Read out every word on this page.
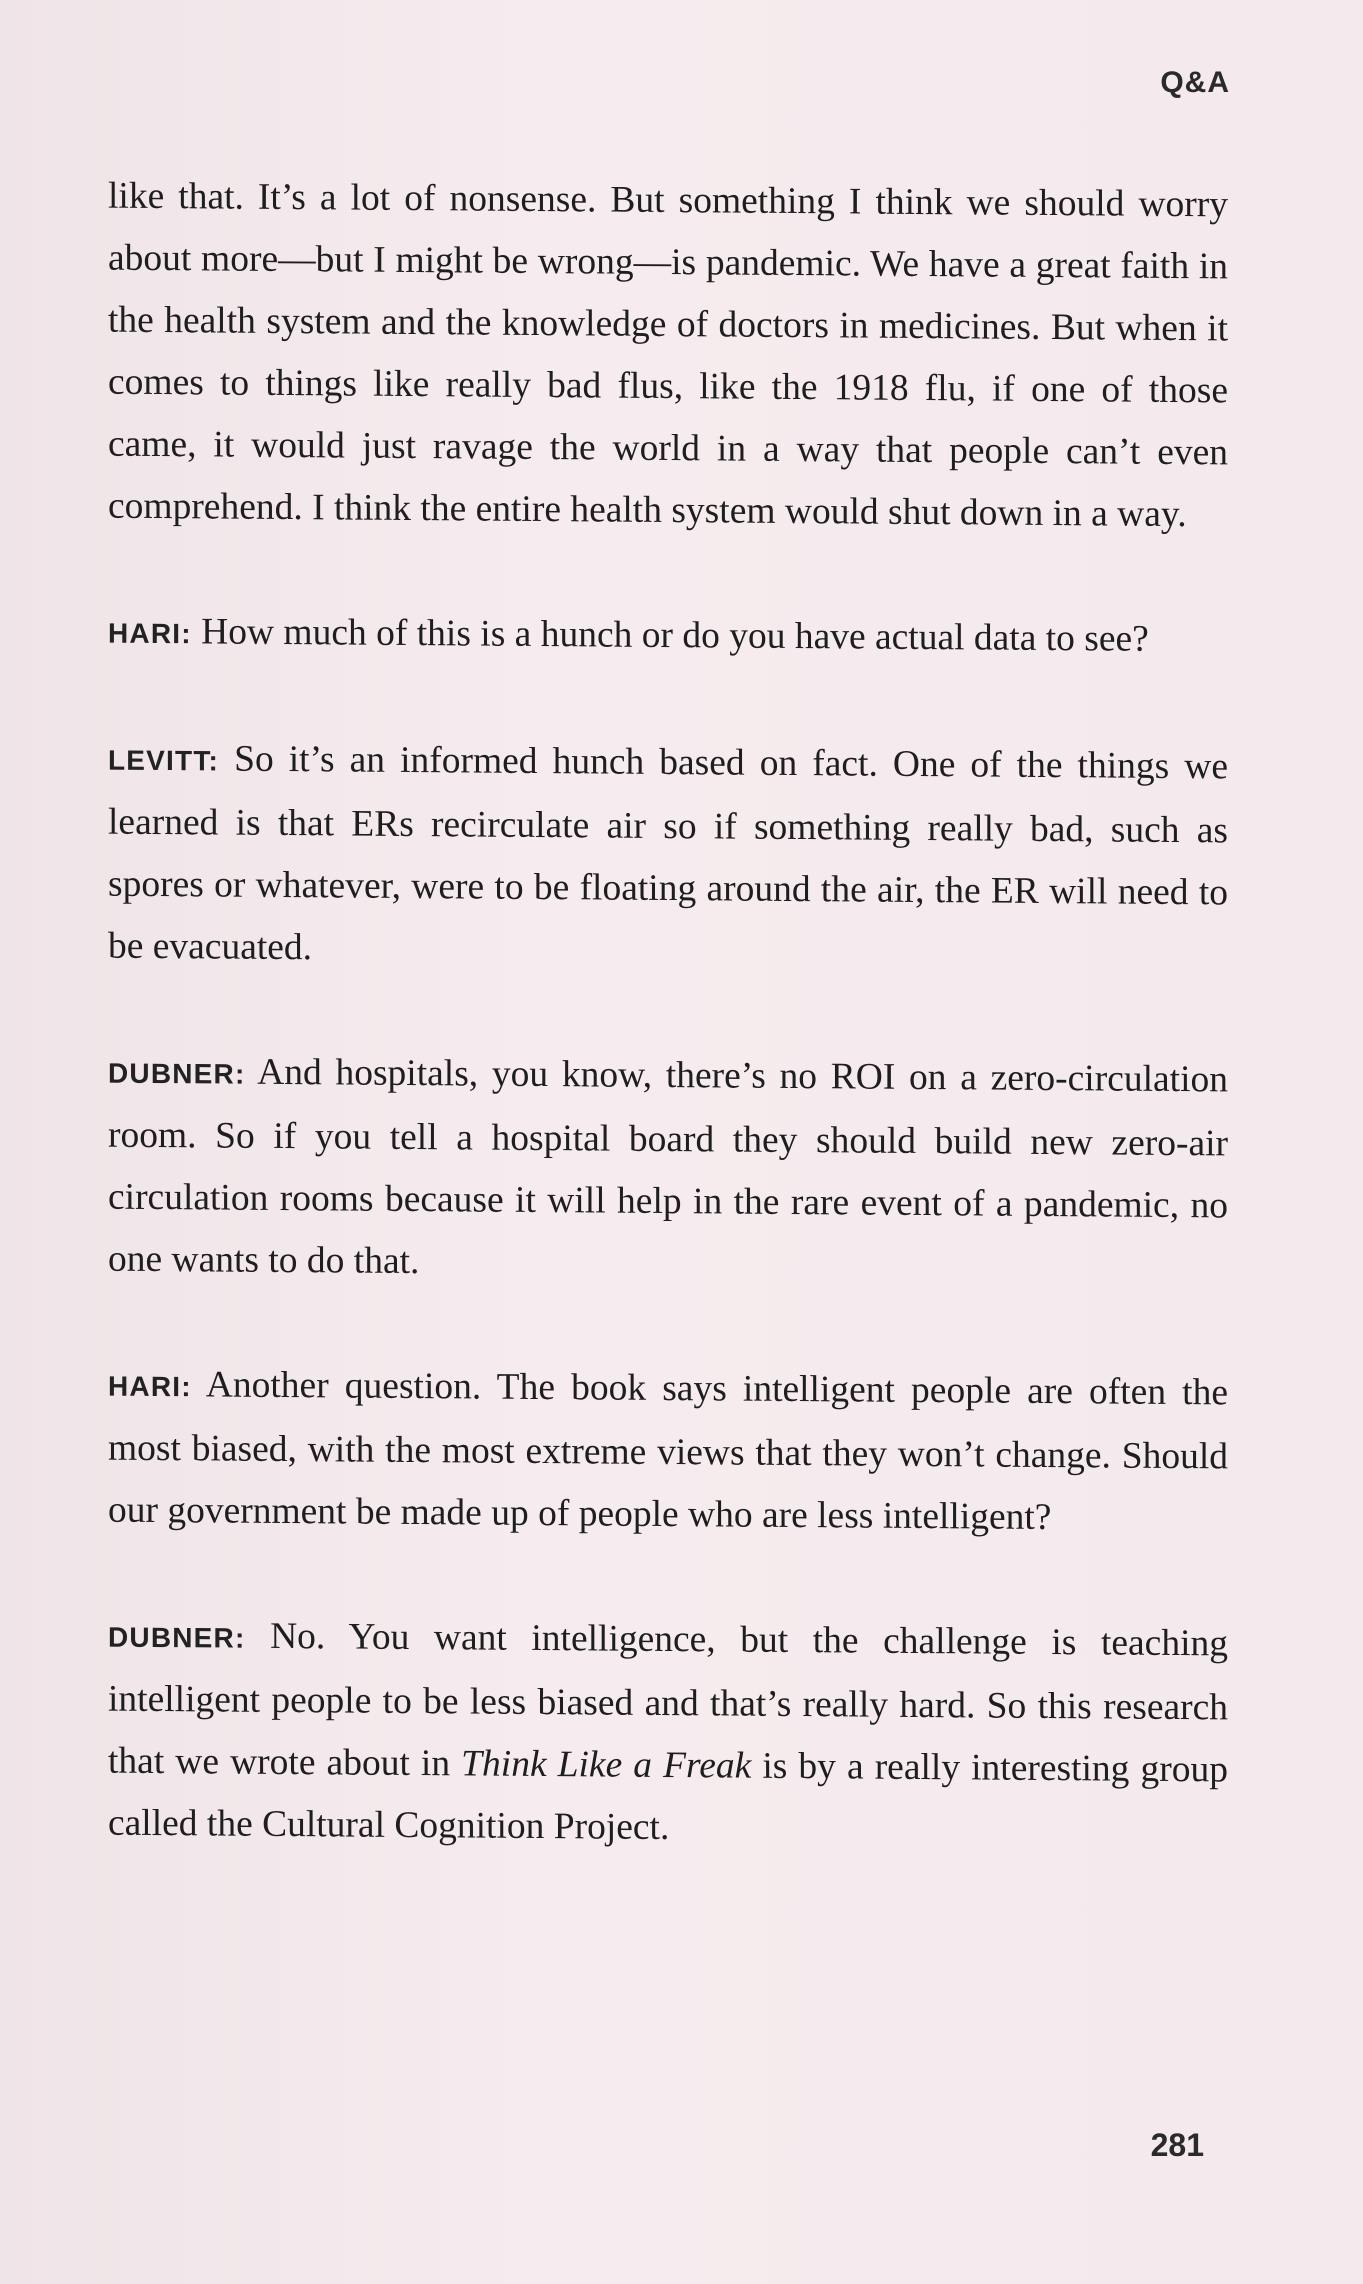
Q&A

like that. It’s a lot of nonsense. But something I think we should worry about more—but I might be wrong—is pandemic. We have a great faith in the health system and the knowledge of doctors in medicines. But when it comes to things like really bad flus, like the 1918 flu, if one of those came, it would just ravage the world in a way that people can’t even comprehend. I think the entire health system would shut down in a way.

HARI: How much of this is a hunch or do you have actual data to see?

LEVITT: So it’s an informed hunch based on fact. One of the things we learned is that ERs recirculate air so if something really bad, such as spores or whatever, were to be floating around the air, the ER will need to be evacuated.

DUBNER: And hospitals, you know, there’s no ROI on a zero-circulation room. So if you tell a hospital board they should build new zero-air circulation rooms because it will help in the rare event of a pandemic, no one wants to do that.

HARI: Another question. The book says intelligent people are often the most biased, with the most extreme views that they won’t change. Should our government be made up of people who are less intelligent?

DUBNER: No. You want intelligence, but the challenge is teaching intelligent people to be less biased and that’s really hard. So this research that we wrote about in Think Like a Freak is by a really interesting group called the Cultural Cognition Project.

281
